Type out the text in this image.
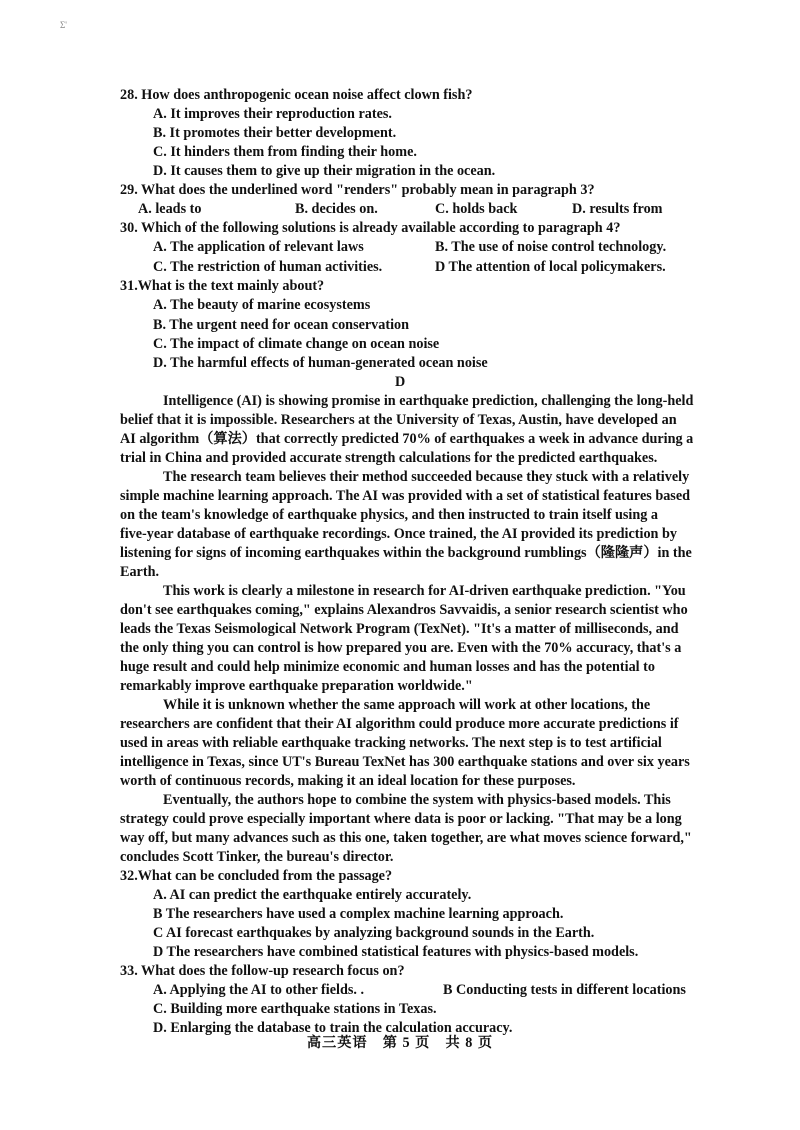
Σ'
28. How does anthropogenic ocean noise affect clown fish?
A. It improves their reproduction rates.
B. It promotes their better development.
C. It hinders them from finding their home.
D. It causes them to give up their migration in the ocean.
29. What does the underlined word "renders" probably mean in paragraph 3?
A. leads to	B. decides on.	C. holds back	D. results from
30. Which of the following solutions is already available according to paragraph 4?
A. The application of relevant laws	B. The use of noise control technology.
C. The restriction of human activities.	D The attention of local policymakers.
31.What is the text mainly about?
A. The beauty of marine ecosystems
B. The urgent need for ocean conservation
C. The impact of climate change on ocean noise
D. The harmful effects of human-generated ocean noise
D
Intelligence (AI) is showing promise in earthquake prediction, challenging the long-held
belief that it is impossible. Researchers at the University of Texas, Austin, have developed an
AI algorithm（算法）that correctly predicted 70% of earthquakes a week in advance during a
trial in China and provided accurate strength calculations for the predicted earthquakes.
The research team believes their method succeeded because they stuck with a relatively
simple machine learning approach. The AI was provided with a set of statistical features based
on the team's knowledge of earthquake physics, and then instructed to train itself using a
five-year database of earthquake recordings. Once trained, the AI provided its prediction by
listening for signs of incoming earthquakes within the background rumblings（隆隆声）in the
Earth.
This work is clearly a milestone in research for AI-driven earthquake prediction. "You
don't see earthquakes coming," explains Alexandros Savvaidis, a senior research scientist who
leads the Texas Seismological Network Program (TexNet). "It's a matter of milliseconds, and
the only thing you can control is how prepared you are. Even with the 70% accuracy, that's a
huge result and could help minimize economic and human losses and has the potential to
remarkably improve earthquake preparation worldwide."
While it is unknown whether the same approach will work at other locations, the
researchers are confident that their AI algorithm could produce more accurate predictions if
used in areas with reliable earthquake tracking networks. The next step is to test artificial
intelligence in Texas, since UT's Bureau TexNet has 300 earthquake stations and over six years
worth of continuous records, making it an ideal location for these purposes.
Eventually, the authors hope to combine the system with physics-based models. This
strategy could prove especially important where data is poor or lacking. "That may be a long
way off, but many advances such as this one, taken together, are what moves science forward,"
concludes Scott Tinker, the bureau's director.
32.What can be concluded from the passage?
A. AI can predict the earthquake entirely accurately.
B The researchers have used a complex machine learning approach.
C AI forecast earthquakes by analyzing background sounds in the Earth.
D The researchers have combined statistical features with physics-based models.
33. What does the follow-up research focus on?
A. Applying the AI to other fields. .	B Conducting tests in different locations
C. Building more earthquake stations in Texas.
D. Enlarging the database to train the calculation accuracy.
高三英语　第 5 页　共 8 页
